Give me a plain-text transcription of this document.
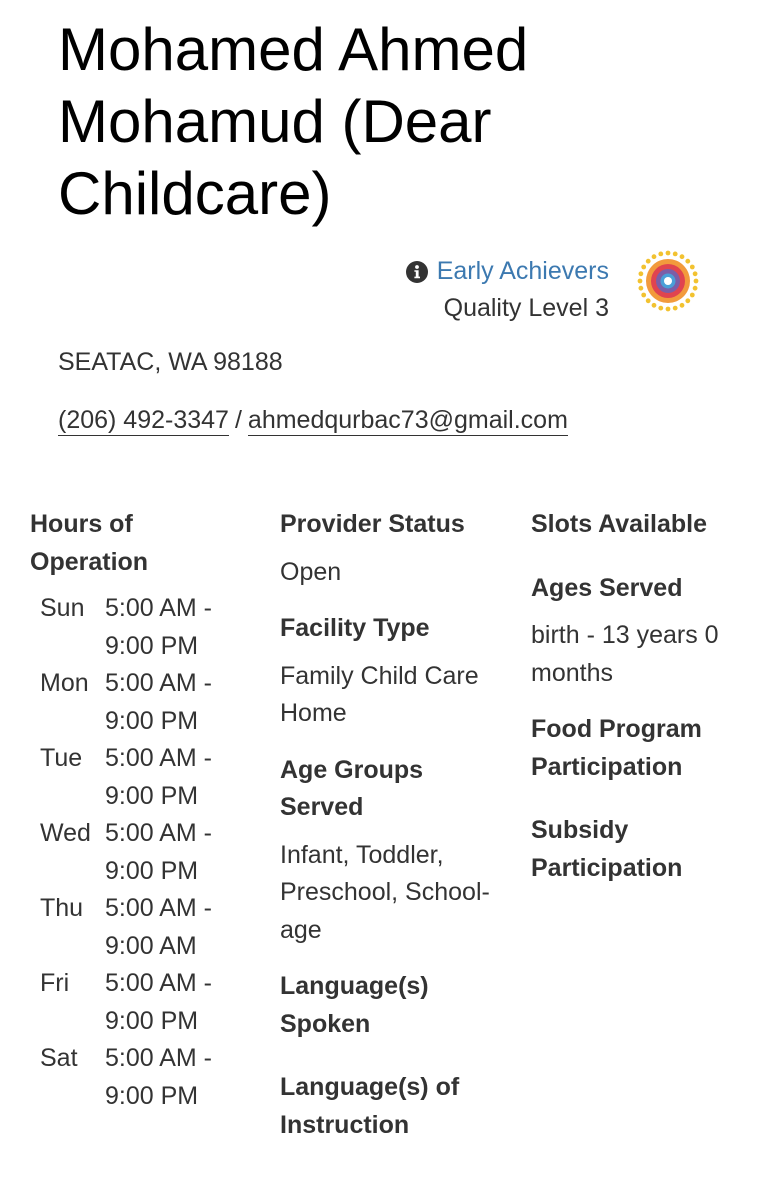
Mohamed Ahmed Mohamud (Dear Childcare)
Early Achievers
Quality Level 3
SEATAC, WA 98188
(206) 492-3347 / ahmedqurbac73@gmail.com
Hours of Operation
Sun 5:00 AM - 9:00 PM
Mon 5:00 AM - 9:00 PM
Tue 5:00 AM - 9:00 PM
Wed 5:00 AM - 9:00 PM
Thu 5:00 AM - 9:00 AM
Fri	5:00 AM - 9:00 PM
Sat	5:00 AM - 9:00 PM
Provider Status
Open
Facility Type
Family Child Care Home
Age Groups Served
Infant, Toddler, Preschool, School-age
Language(s) Spoken
Language(s) of Instruction
Slots Available
Ages Served
birth - 13 years 0 months
Food Program Participation
Subsidy Participation
